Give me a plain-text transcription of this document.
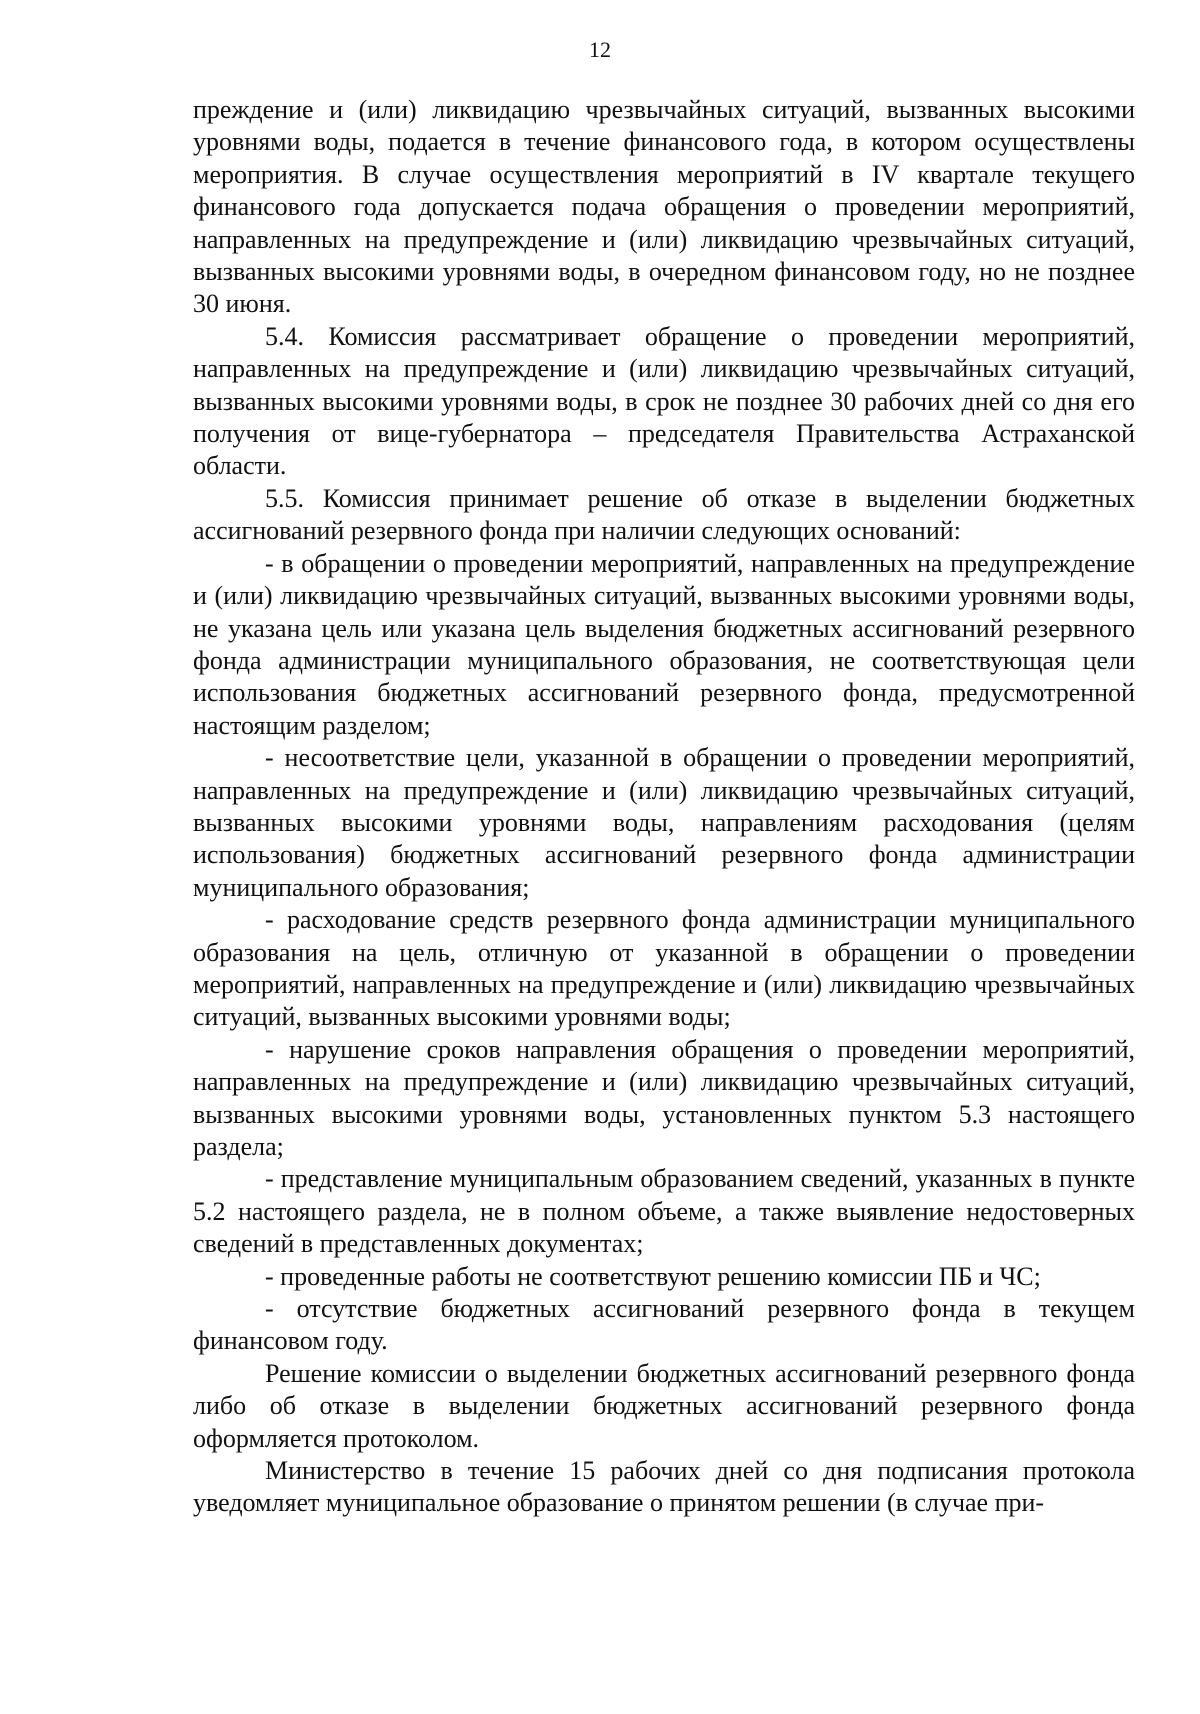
12

преждение и (или) ликвидацию чрезвычайных ситуаций, вызванных высокими уровнями воды, подается в течение финансового года, в котором осуществлены мероприятия. В случае осуществления мероприятий в IV квартале текущего финансового года допускается подача обращения о проведении мероприятий, направленных на предупреждение и (или) ликвидацию чрезвычайных ситуаций, вызванных высокими уровнями воды, в очередном финансовом году, но не позднее 30 июня.

5.4. Комиссия рассматривает обращение о проведении мероприятий, направленных на предупреждение и (или) ликвидацию чрезвычайных ситуаций, вызванных высокими уровнями воды, в срок не позднее 30 рабочих дней со дня его получения от вице-губернатора – председателя Правительства Астраханской области.

5.5. Комиссия принимает решение об отказе в выделении бюджетных ассигнований резервного фонда при наличии следующих оснований:

- в обращении о проведении мероприятий, направленных на предупреждение и (или) ликвидацию чрезвычайных ситуаций, вызванных высокими уровнями воды, не указана цель или указана цель выделения бюджетных ассигнований резервного фонда администрации муниципального образования, не соответствующая цели использования бюджетных ассигнований резервного фонда, предусмотренной настоящим разделом;

- несоответствие цели, указанной в обращении о проведении мероприятий, направленных на предупреждение и (или) ликвидацию чрезвычайных ситуаций, вызванных высокими уровнями воды, направлениям расходования (целям использования) бюджетных ассигнований резервного фонда администрации муниципального образования;

- расходование средств резервного фонда администрации муниципального образования на цель, отличную от указанной в обращении о проведении мероприятий, направленных на предупреждение и (или) ликвидацию чрезвычайных ситуаций, вызванных высокими уровнями воды;

- нарушение сроков направления обращения о проведении мероприятий, направленных на предупреждение и (или) ликвидацию чрезвычайных ситуаций, вызванных высокими уровнями воды, установленных пунктом 5.3 настоящего раздела;

- представление муниципальным образованием сведений, указанных в пункте 5.2 настоящего раздела, не в полном объеме, а также выявление недостоверных сведений в представленных документах;

- проведенные работы не соответствуют решению комиссии ПБ и ЧС;

- отсутствие бюджетных ассигнований резервного фонда в текущем финансовом году.

Решение комиссии о выделении бюджетных ассигнований резервного фонда либо об отказе в выделении бюджетных ассигнований резервного фонда оформляется протоколом.

Министерство в течение 15 рабочих дней со дня подписания протокола уведомляет муниципальное образование о принятом решении (в случае при-
